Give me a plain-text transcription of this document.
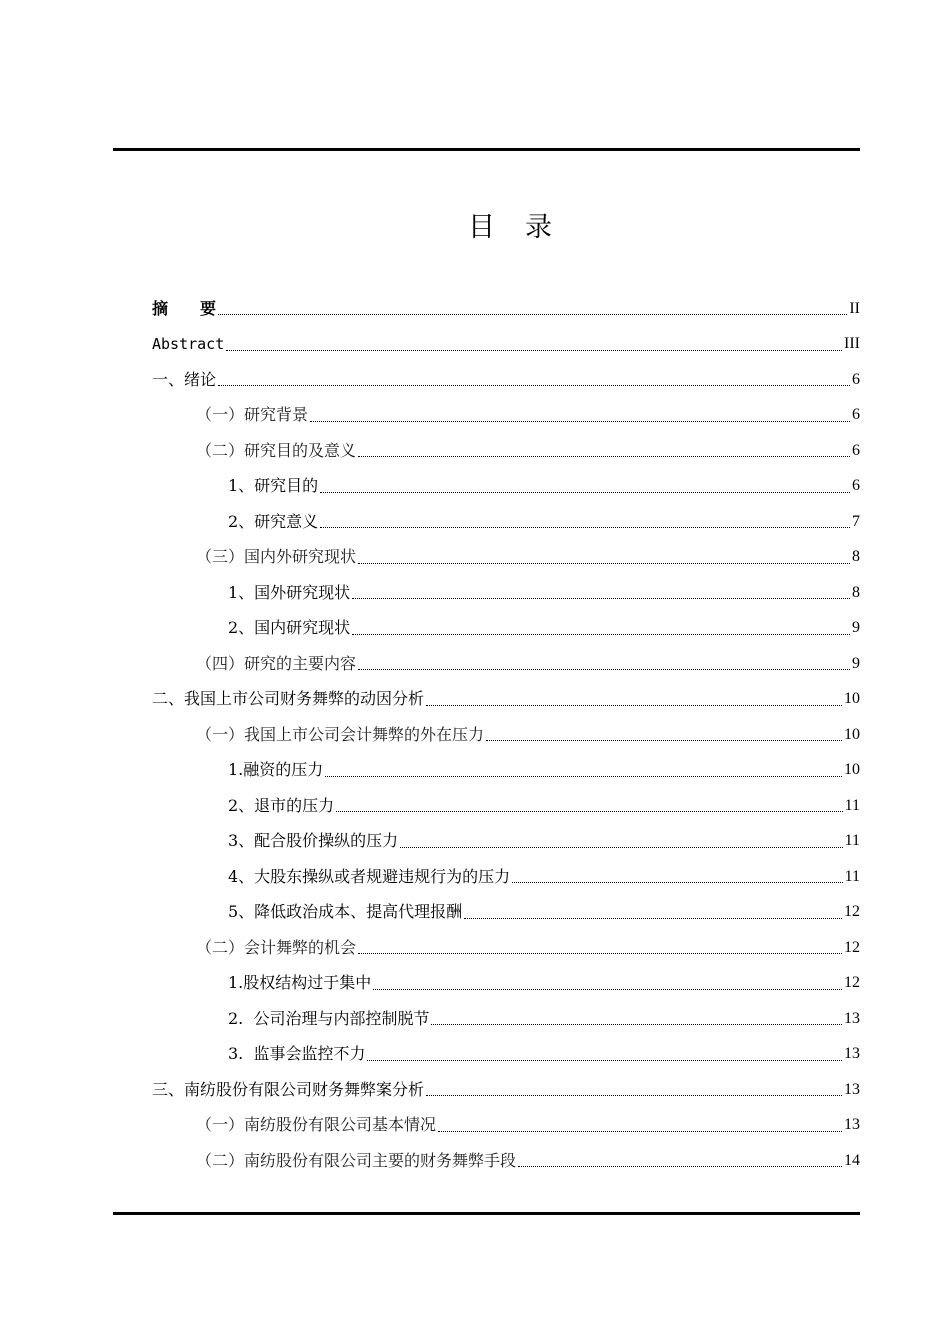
目 录
摘　　要	II
Abstract	III
一、绪论	6
（一）研究背景	6
（二）研究目的及意义	6
1、研究目的	6
2、研究意义	7
（三）国内外研究现状	8
1、国外研究现状	8
2、国内研究现状	9
（四）研究的主要内容	9
二、我国上市公司财务舞弊的动因分析	10
（一）我国上市公司会计舞弊的外在压力	10
1.融资的压力	10
2、退市的压力	11
3、配合股价操纵的压力	11
4、大股东操纵或者规避违规行为的压力	11
5、降低政治成本、提高代理报酬	12
（二）会计舞弊的机会	12
1.股权结构过于集中	12
2.  公司治理与内部控制脱节	13
3.  监事会监控不力	13
三、南纺股份有限公司财务舞弊案分析	13
（一）南纺股份有限公司基本情况	13
（二）南纺股份有限公司主要的财务舞弊手段	14
